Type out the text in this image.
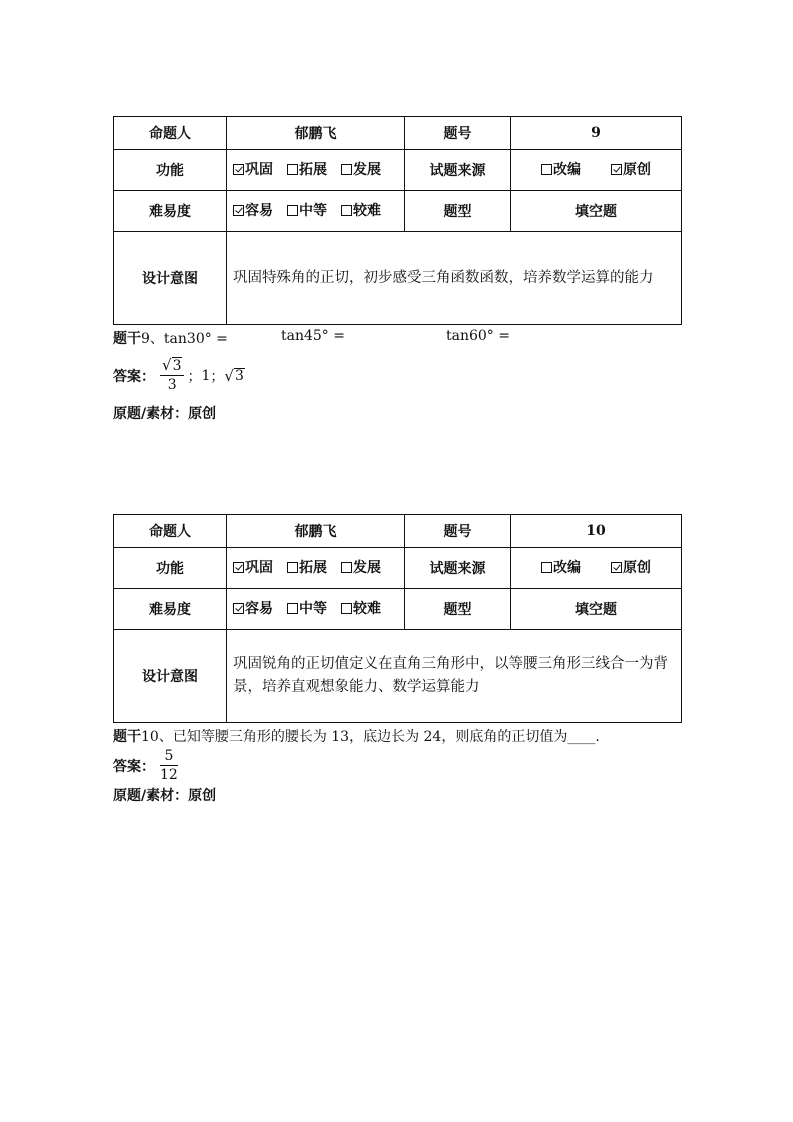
命题人	郁鹏飞	题号	9
功能	巩固 拓展 发展	试题来源	改编 原创
难易度	容易 中等 较难	题型	填空题
设计意图	巩固特殊角的正切，初步感受三角函数函数，培养数学运算的能力		
题干9、tan30° =	tan45° =	tan60° =
答案： $\frac{√3}{3}$ ； 1 ； √ 3
原题/素材：原创
命题人	郁鹏飞	题号	10
功能	巩固 拓展 发展	试题来源	改编 原创
难易度	容易 中等 较难	题型	填空题
设计意图	巩固锐角的正切值定义在直角三角形中，以等腰三角形三线合一为背景，培养直观想象能力、数学运算能力		
题干10、已知等腰三角形的腰长为 13，底边长为 24，则底角的正切值为____.
答案： $\frac{5}{12}$
原题/素材：原创
